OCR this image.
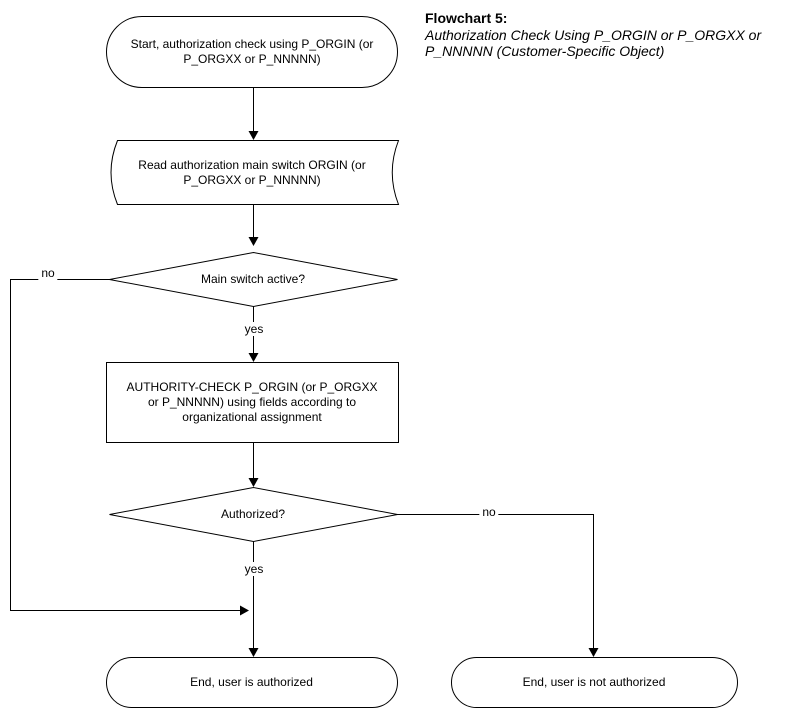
Flowchart 5:
Authorization Check Using P_ORGIN or P_ORGXX or
P_NNNNN (Customer-Specific Object)
Start, authorization check using P_ORGIN (or
P_ORGXX or P_NNNNN)
Read authorization main switch ORGIN (or
P_ORGXX or P_NNNNN)
Main switch active?
AUTHORITY-CHECK P_ORGIN (or P_ORGXX
or P_NNNNN) using fields according to
organizational assignment
Authorized?
End, user is authorized	End, user is not authorized
no
yes
no
yes
